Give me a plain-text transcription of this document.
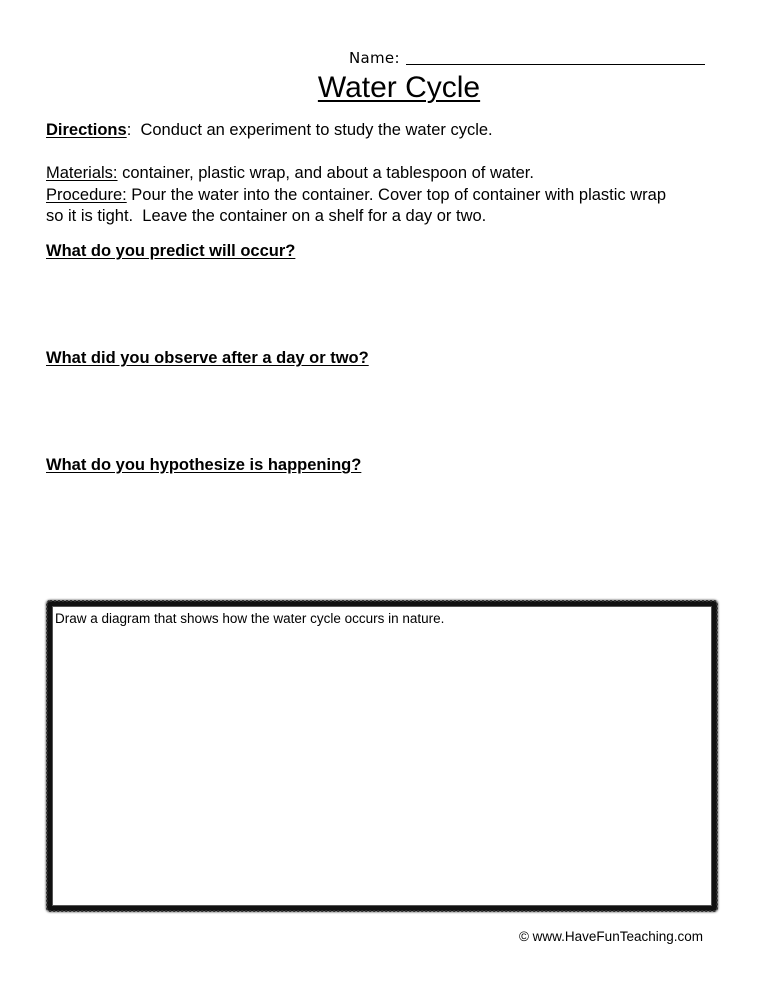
Name:
Water Cycle
Directions:  Conduct an experiment to study the water cycle.
Materials: container, plastic wrap, and about a tablespoon of water.
Procedure: Pour the water into the container. Cover top of container with plastic wrap
so it is tight.  Leave the container on a shelf for a day or two.
What do you predict will occur?
What did you observe after a day or two?
What do you hypothesize is happening?
Draw a diagram that shows how the water cycle occurs in nature.
© www.HaveFunTeaching.com
